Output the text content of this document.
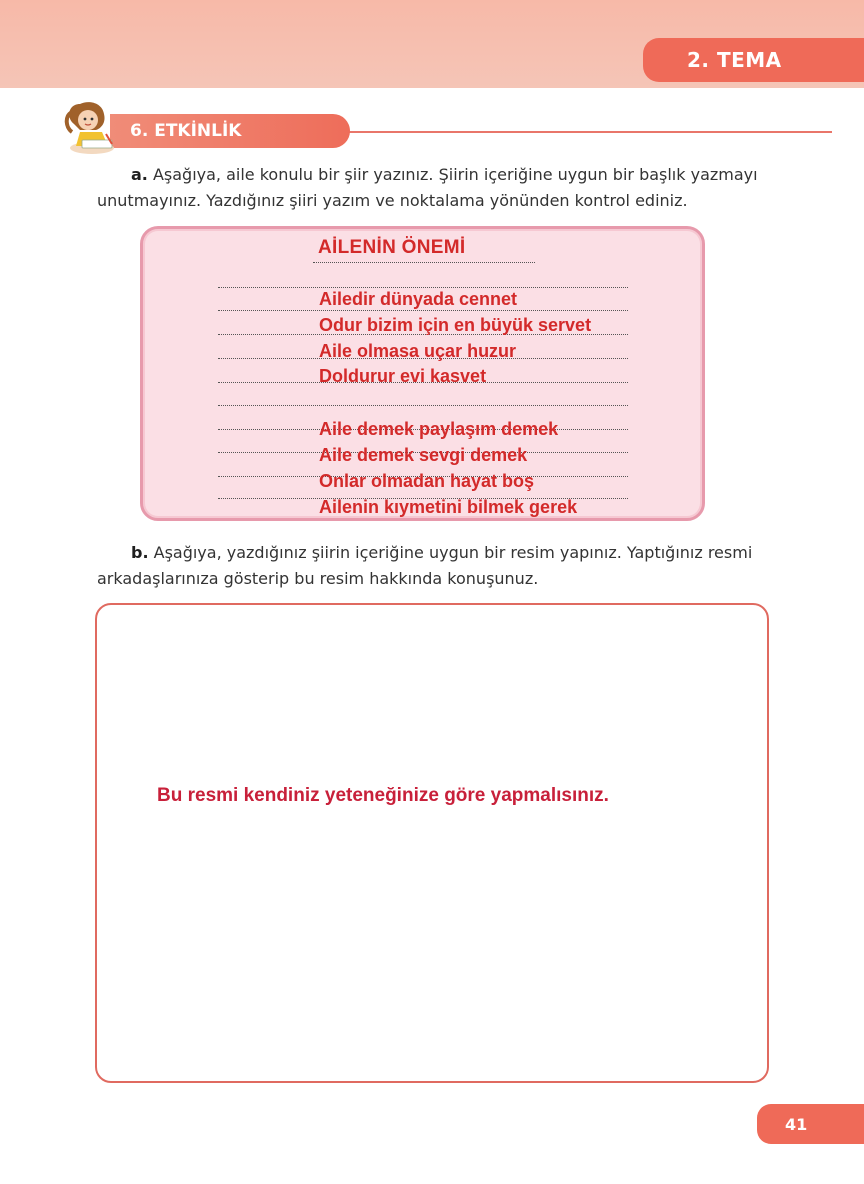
2. TEMA
6. ETKİNLİK

a. Aşağıya, aile konulu bir şiir yazınız. Şiirin içeriğine uygun bir başlık yazmayı unutmayınız. Yazdığınız şiiri yazım ve noktalama yönünden kontrol ediniz.

AİLENİN ÖNEMİ
Ailedir dünyada cennet
Odur bizim için en büyük servet
Aile olmasa uçar huzur
Doldurur evi kasvet
Aile demek paylaşım demek
Aile demek sevgi demek
Onlar olmadan hayat boş
Ailenin kıymetini bilmek gerek

b. Aşağıya, yazdığınız şiirin içeriğine uygun bir resim yapınız. Yaptığınız resmi arkadaşlarınıza gösterip bu resim hakkında konuşunuz.

Bu resmi kendiniz yeteneğinize göre yapmalısınız.
41
